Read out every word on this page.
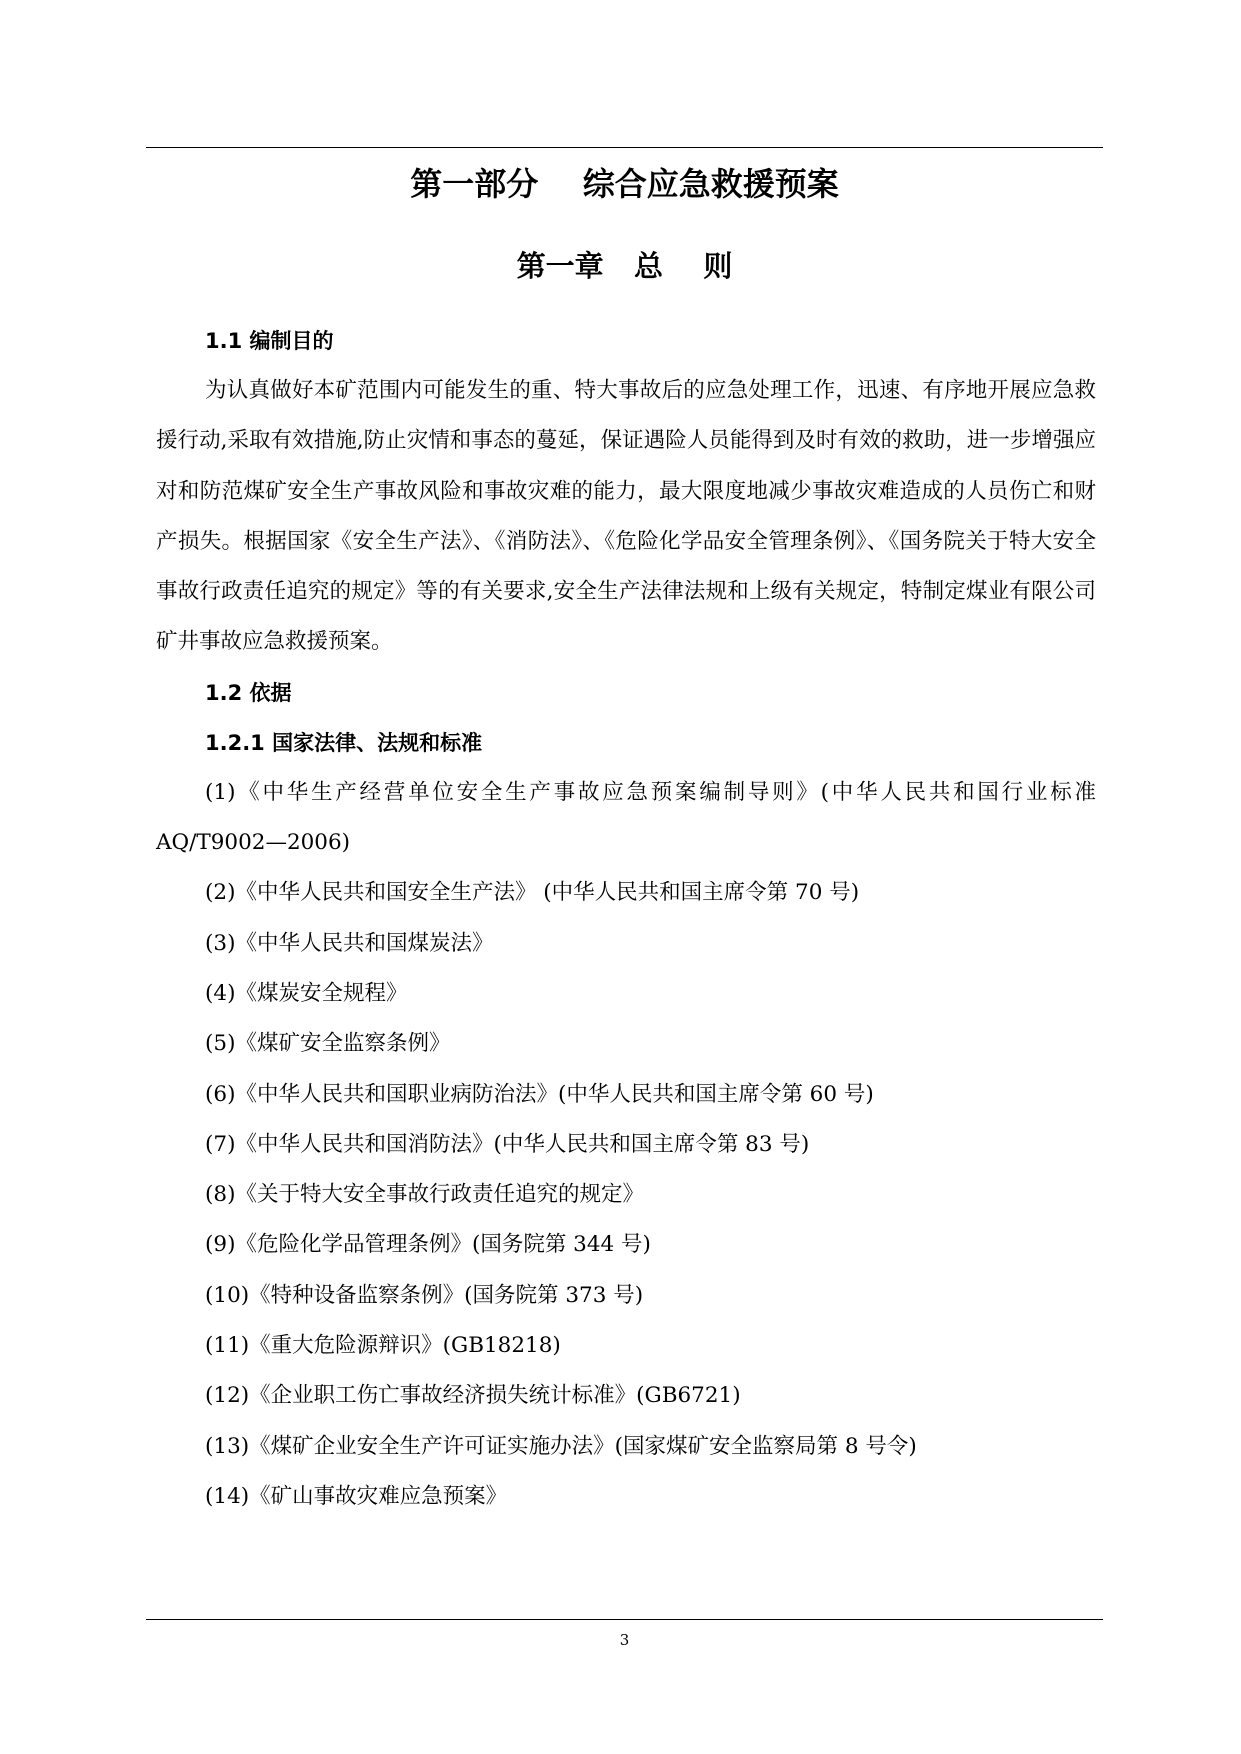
第一部分    综合应急救援预案
第一章   总    则
1.1 编制目的

为认真做好本矿范围内可能发生的重、特大事故后的应急处理工作，迅速、有序地开展应急救援行动,采取有效措施,防止灾情和事态的蔓延，保证遇险人员能得到及时有效的救助，进一步增强应对和防范煤矿安全生产事故风险和事故灾难的能力，最大限度地减少事故灾难造成的人员伤亡和财产损失。根据国家《安全生产法》、《消防法》、《危险化学品安全管理条例》、《国务院关于特大安全事故行政责任追究的规定》等的有关要求,安全生产法律法规和上级有关规定，特制定煤业有限公司矿井事故应急救援预案。

1.2 依据
1.2.1 国家法律、法规和标准
(1)《中华生产经营单位安全生产事故应急预案编制导则》(中华人民共和国行业标准 AQ/T9002—2006)
(2)《中华人民共和国安全生产法》 (中华人民共和国主席令第 70 号)
(3)《中华人民共和国煤炭法》
(4)《煤炭安全规程》
(5)《煤矿安全监察条例》
(6)《中华人民共和国职业病防治法》(中华人民共和国主席令第 60 号)
(7)《中华人民共和国消防法》(中华人民共和国主席令第 83 号)
(8)《关于特大安全事故行政责任追究的规定》
(9)《危险化学品管理条例》(国务院第 344 号)
(10)《特种设备监察条例》(国务院第 373 号)
(11)《重大危险源辩识》(GB18218)
(12)《企业职工伤亡事故经济损失统计标准》(GB6721)
(13)《煤矿企业安全生产许可证实施办法》(国家煤矿安全监察局第 8 号令)
(14)《矿山事故灾难应急预案》
3
